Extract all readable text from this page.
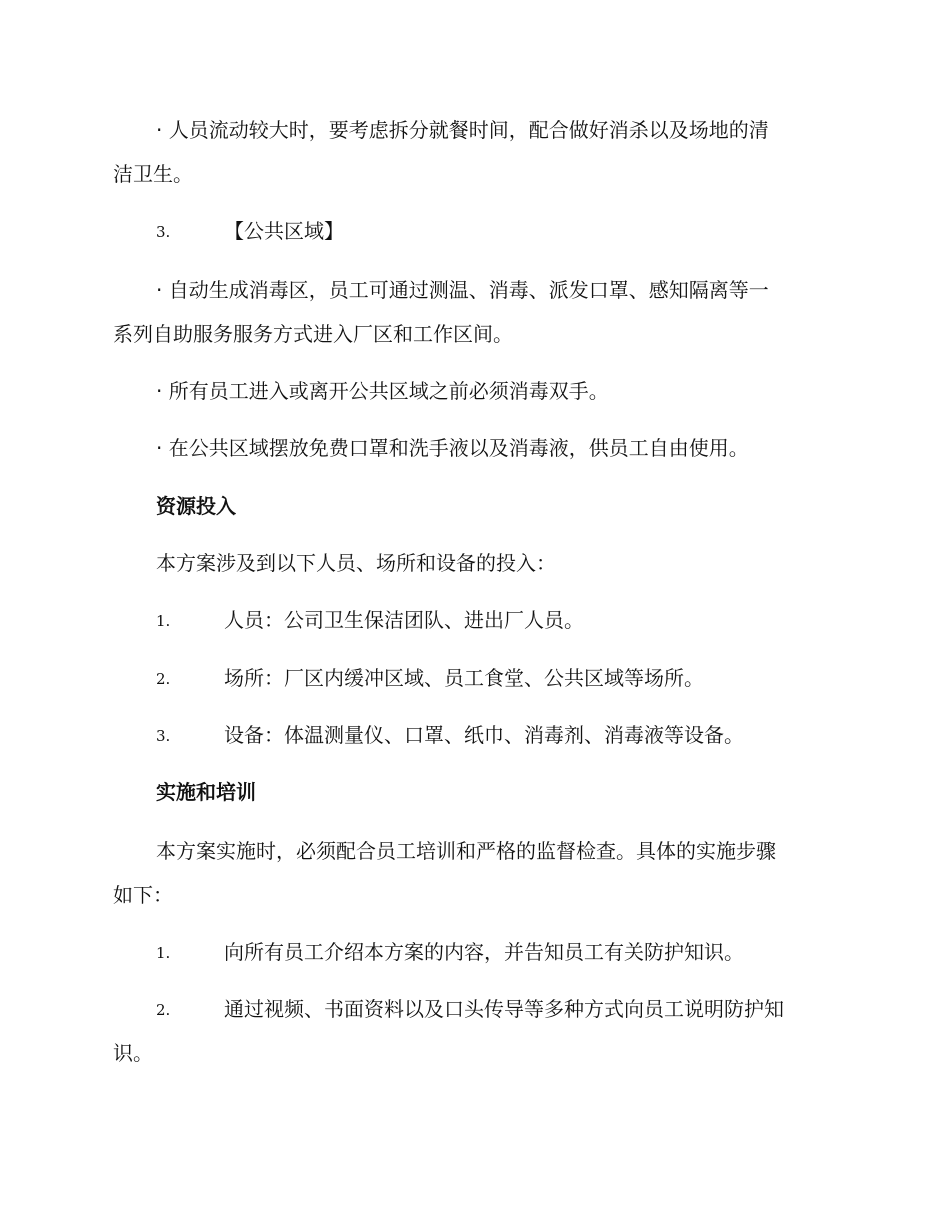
· 人员流动较大时，要考虑拆分就餐时间，配合做好消杀以及场地的清
洁卫生。
3.	【公共区域】
· 自动生成消毒区，员工可通过测温、消毒、派发口罩、感知隔离等一
系列自助服务服务方式进入厂区和工作区间。
· 所有员工进入或离开公共区域之前必须消毒双手。
· 在公共区域摆放免费口罩和洗手液以及消毒液，供员工自由使用。
资源投入
本方案涉及到以下人员、场所和设备的投入：
1.	人员：公司卫生保洁团队、进出厂人员。
2.	场所：厂区内缓冲区域、员工食堂、公共区域等场所。
3.	设备：体温测量仪、口罩、纸巾、消毒剂、消毒液等设备。
实施和培训
本方案实施时，必须配合员工培训和严格的监督检查。具体的实施步骤
如下：
1.	向所有员工介绍本方案的内容，并告知员工有关防护知识。
2.	通过视频、书面资料以及口头传导等多种方式向员工说明防护知
识。
